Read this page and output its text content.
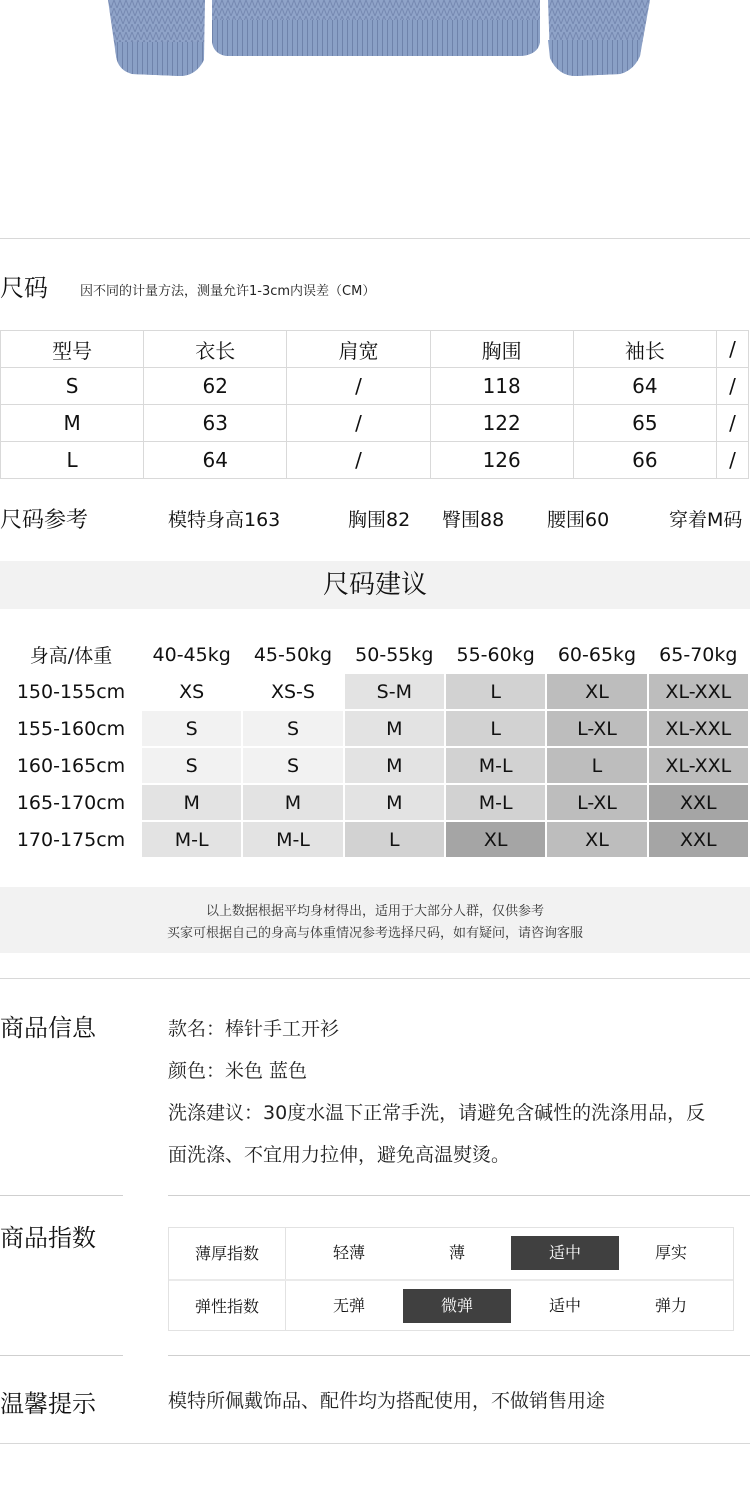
尺码 因不同的计量方法，测量允许1-3cm内误差（CM）
型号	衣长	肩宽	胸围	袖长	/
S	62	/	118	64	/
M	63	/	122	65	/
L	64	/	126	66	/
尺码参考	模特身高163	胸围82 臀围88 腰围60	穿着M码
尺码建议
身高/体重	40-45kg	45-50kg	50-55kg	55-60kg	60-65kg	65-70kg
150-155cm	XS	XS-S	S-M	L	XL	XL-XXL
155-160cm	S	S	M	L	L-XL	XL-XXL
160-165cm	S	S	M	M-L	L	XL-XXL
165-170cm	M	M	M	M-L	L-XL	XXL
170-175cm	M-L	M-L	L	XL	XL	XXL
以上数据根据平均身材得出，适用于大部分人群，仅供参考
买家可根据自己的身高与体重情况参考选择尺码，如有疑问，请咨询客服
商品信息	款名：棒针手工开衫
颜色：米色 蓝色
洗涤建议：30度水温下正常手洗，请避免含碱性的洗涤用品，反
面洗涤、不宜用力拉伸，避免高温熨烫。
商品指数
薄厚指数	轻薄	薄	适中	厚实
弹性指数	无弹	微弹	适中	弹力
温馨提示	模特所佩戴饰品、配件均为搭配使用，不做销售用途
